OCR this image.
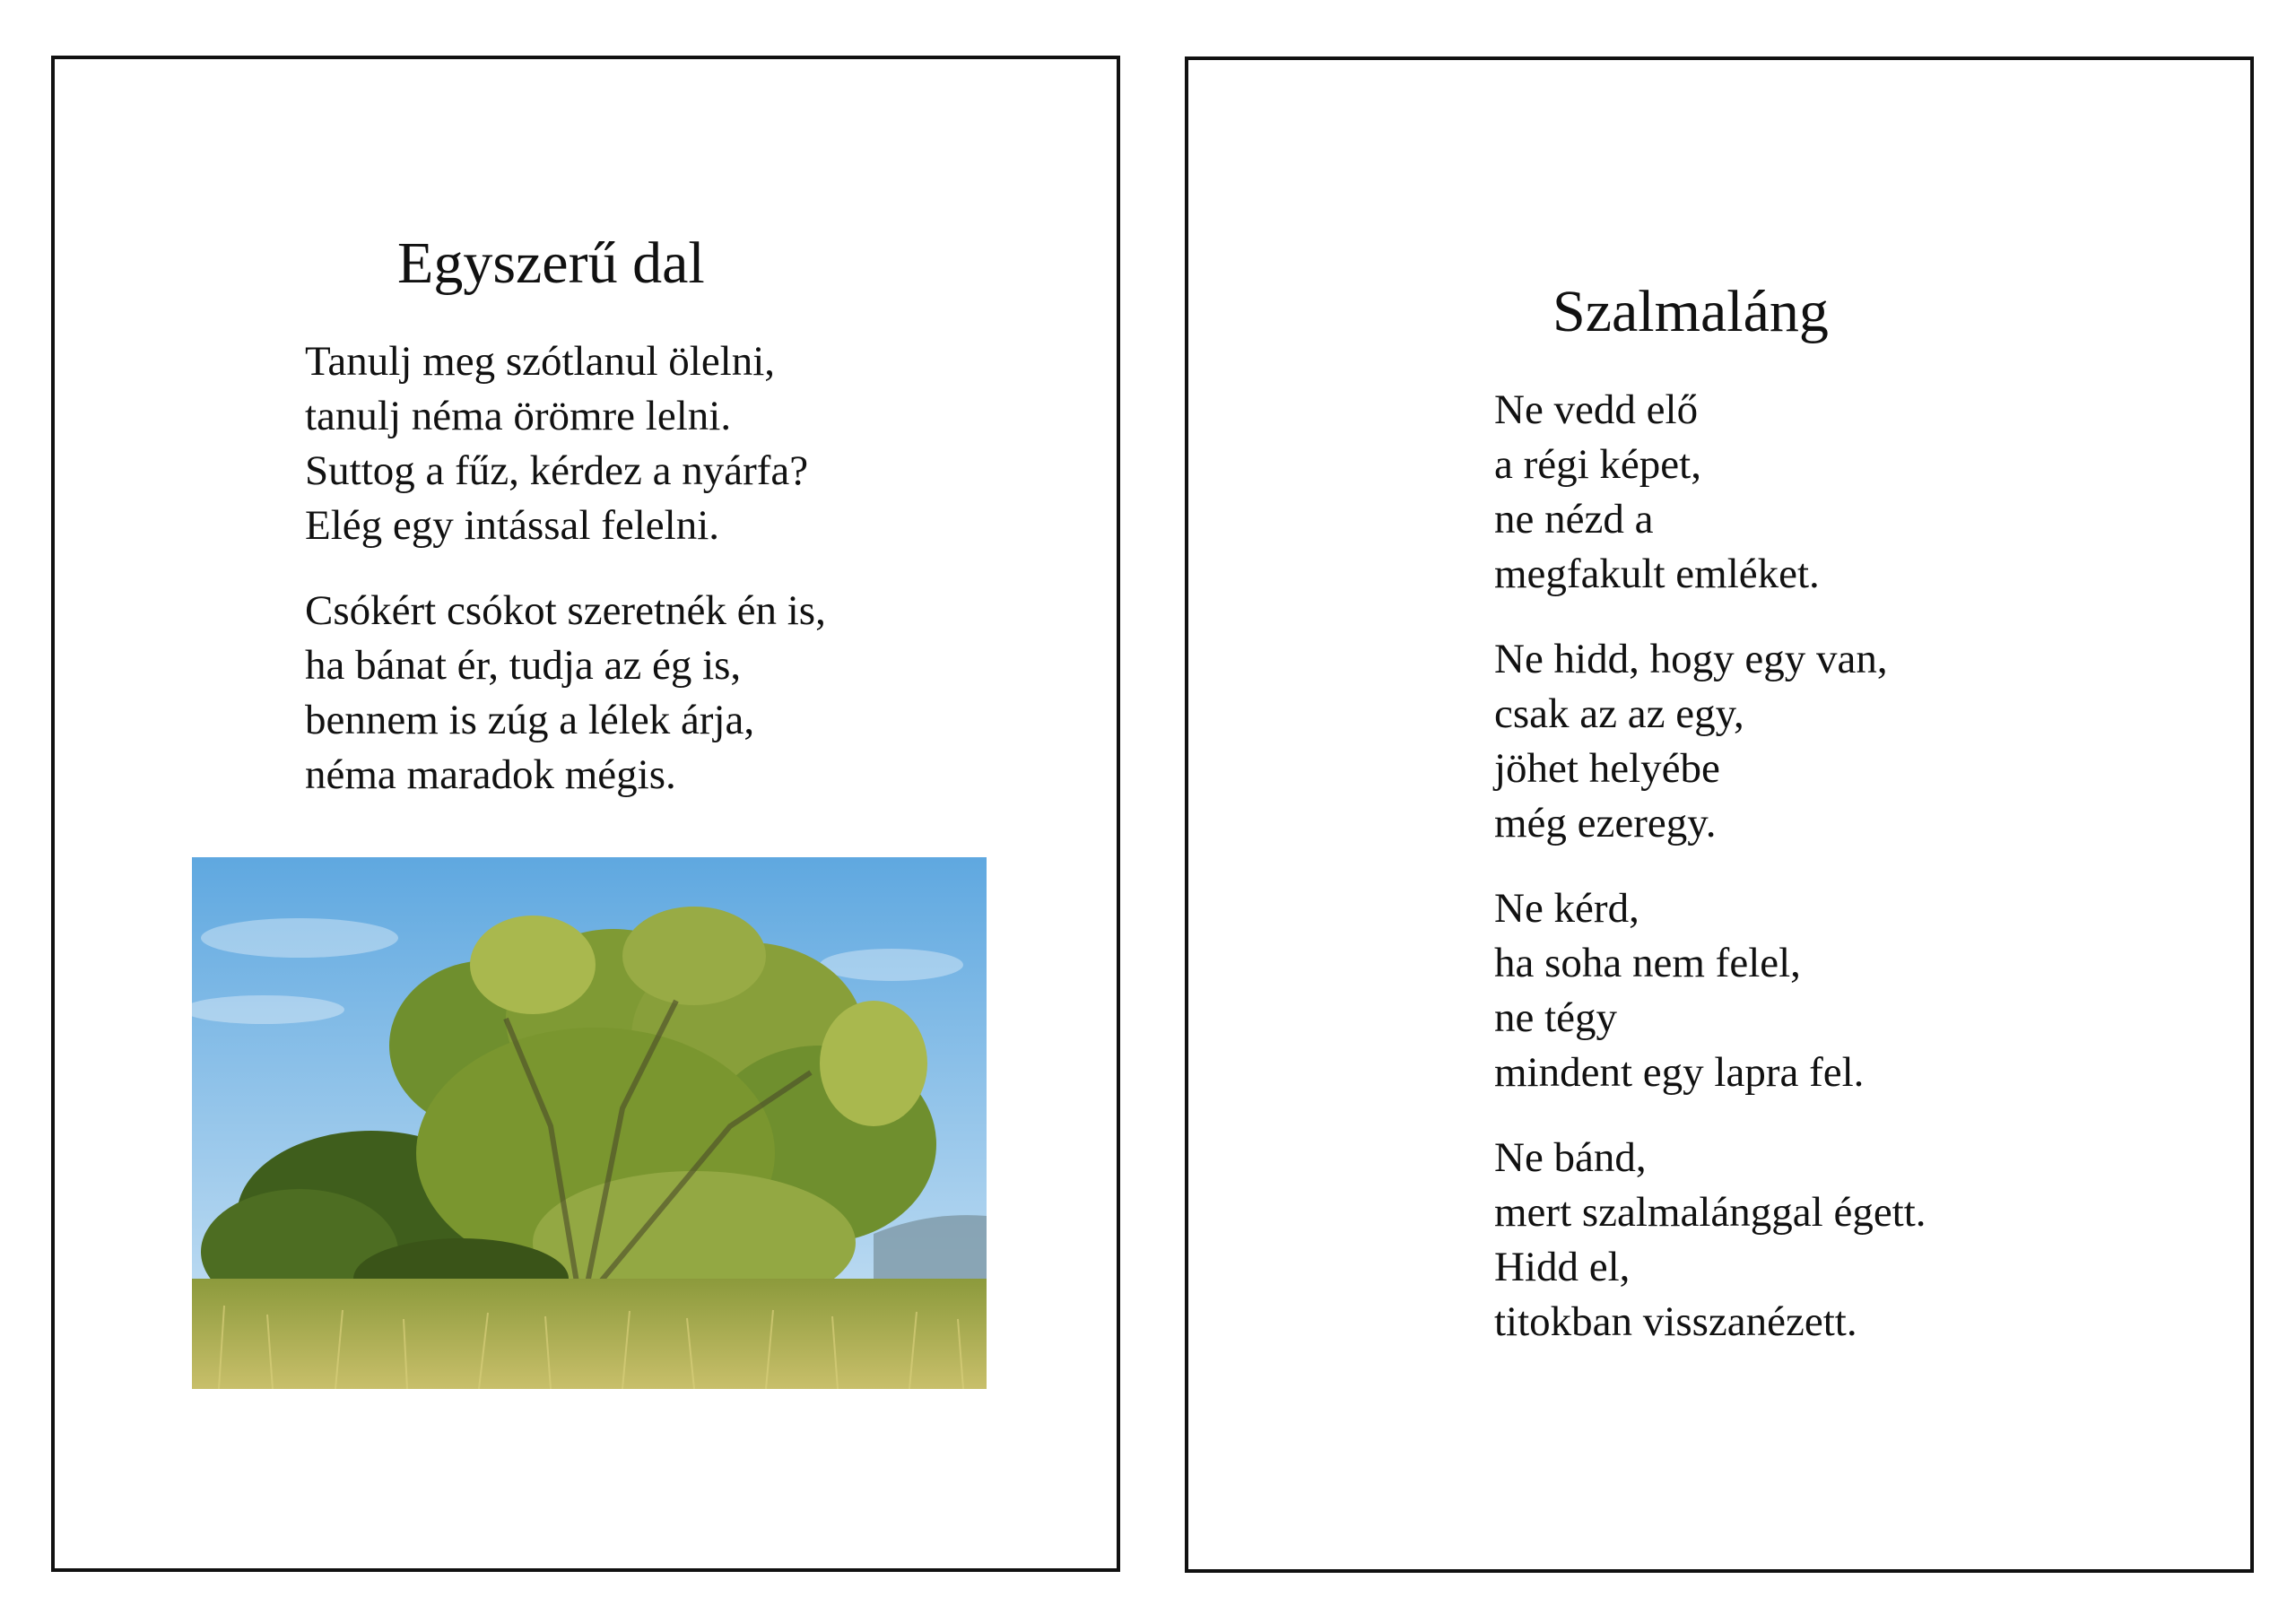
Egyszerű dal
Tanulj meg szótlanul ölelni,
tanulj néma örömre lelni.
Suttog a fűz, kérdez a nyárfa?
Elég egy intással felelni.
Csókért csókot szeretnék én is,
ha bánat ér, tudja az ég is,
bennem is zúg a lélek árja,
néma maradok mégis.
Szalmaláng
Ne vedd elő
a régi képet,
ne nézd a
megfakult emléket.
Ne hidd, hogy egy van,
csak az az egy,
jöhet helyébe
még ezeregy.
Ne kérd,
ha soha nem felel,
ne tégy
mindent egy lapra fel.
Ne bánd,
mert szalmalánggal égett.
Hidd el,
titokban visszanézett.
